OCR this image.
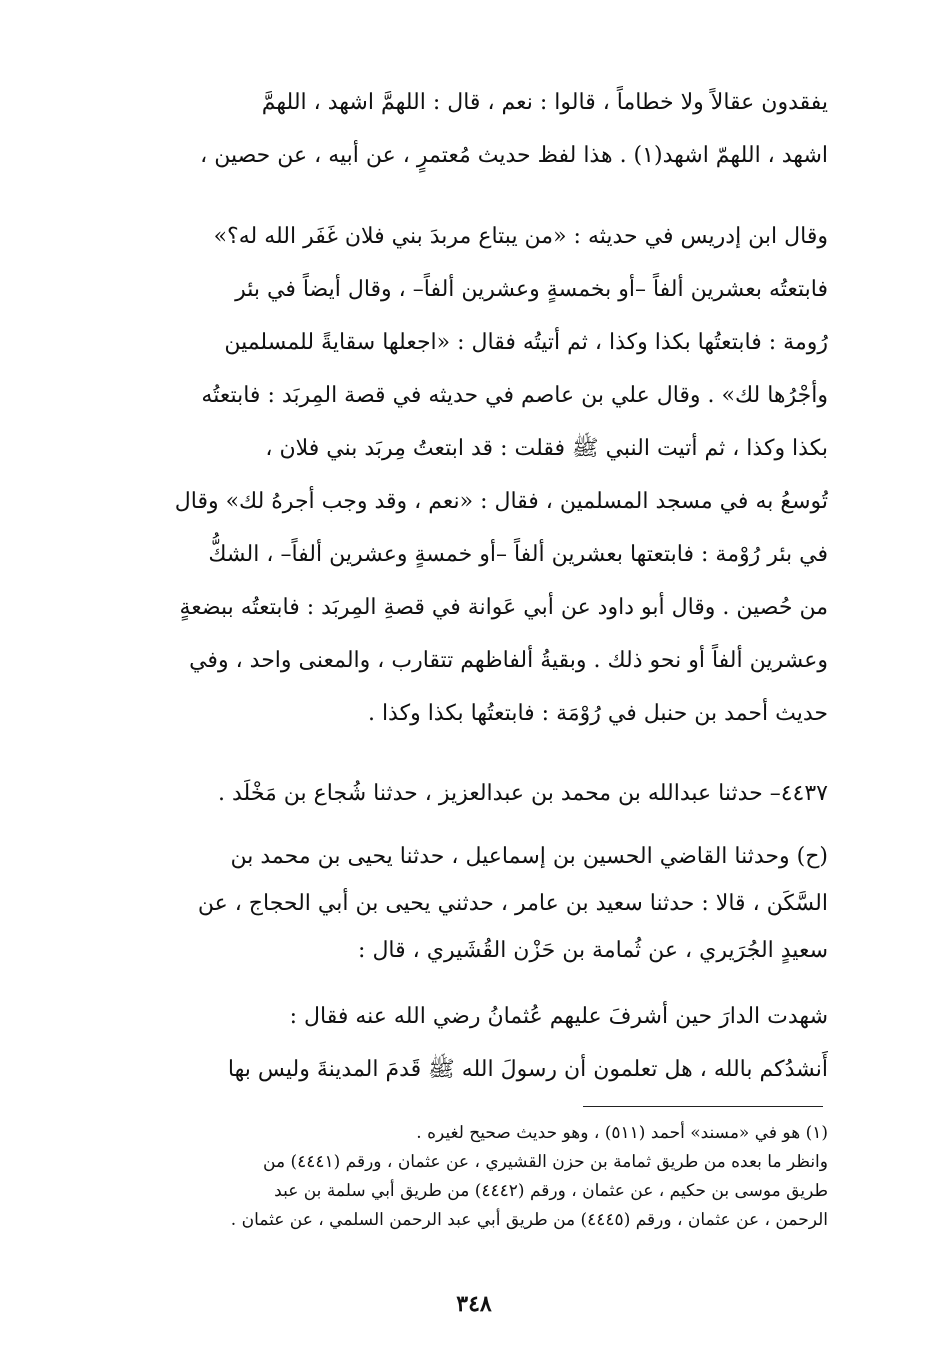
يفقدون عقالاً ولا خطاماً ، قالوا : نعم ، قال : اللهمَّ اشهد ، اللهمَّ
اشهد ، اللهمّ اشهد(١) . هذا لفظ حديث مُعتمرٍ ، عن أبيه ، عن حصين ،
وقال ابن إدريس في حديثه : «من يبتاع مربدَ بني فلان غَفَر الله له؟»
فابتعتُه بعشرين ألفاً –أو بخمسةٍ وعشرين ألفاً– ، وقال أيضاً في بئر
رُومة : فابتعتُها بكذا وكذا ، ثم أتيتُه فقال : «اجعلها سقايةً للمسلمين
وأجْرُها لك» . وقال علي بن عاصم في حديثه في قصة المِربَد : فابتعتُه
بكذا وكذا ، ثم أتيت النبي ﷺ فقلت : قد ابتعتُ مِربَد بني فلان ،
تُوسعُ به في مسجد المسلمين ، فقال : «نعم ، وقد وجب أجرهُ لك» وقال
في بئر رُوْمة : فابتعتها بعشرين ألفاً –أو خمسةٍ وعشرين ألفاً– ، الشكُّ
من حُصين . وقال أبو داود عن أبي عَوانة في قصةِ المِربَد : فابتعتُه ببضعةٍ
وعشرين ألفاً أو نحو ذلك . وبقيةُ ألفاظهم تتقارب ، والمعنى واحد ، وفي
حديث أحمد بن حنبل في رُوْمَة : فابتعتُها بكذا وكذا .
٤٤٣٧– حدثنا عبدالله بن محمد بن عبدالعزيز ، حدثنا شُجاع بن مَخْلَد .
(ح) وحدثنا القاضي الحسين بن إسماعيل ، حدثنا يحيى بن محمد بن
السَّكَن ، قالا : حدثنا سعيد بن عامر ، حدثني يحيى بن أبي الحجاج ، عن
سعيدٍ الجُرَيري ، عن ثُمامة بن حَزْن القُشَيري ، قال :
شهدت الدارَ حين أشرفَ عليهم عُثمانُ رضي الله عنه فقال :
أَنشدُكم بالله ، هل تعلمون أن رسولَ الله ﷺ قَدمَ المدينةَ وليس بها
(١) هو في «مسند» أحمد (٥١١) ، وهو حديث صحيح لغيره .
وانظر ما بعده من طريق ثمامة بن حزن القشيري ، عن عثمان ، ورقم (٤٤٤١) من
طريق موسى بن حكيم ، عن عثمان ، ورقم (٤٤٤٢) من طريق أبي سلمة بن عبد
الرحمن ، عن عثمان ، ورقم (٤٤٤٥) من طريق أبي عبد الرحمن السلمي ، عن عثمان .
٣٤٨
